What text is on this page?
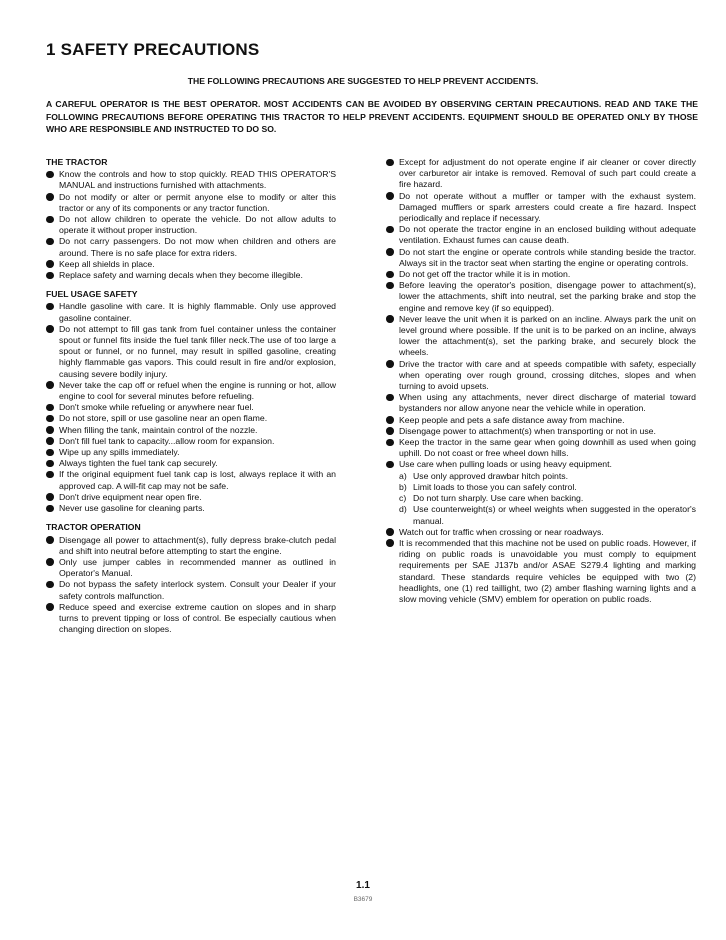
1 SAFETY PRECAUTIONS
THE FOLLOWING PRECAUTIONS ARE SUGGESTED TO HELP PREVENT ACCIDENTS.
A CAREFUL OPERATOR IS THE BEST OPERATOR. MOST ACCIDENTS CAN BE AVOIDED BY OBSERVING CERTAIN PRECAUTIONS. READ AND TAKE THE FOLLOWING PRECAUTIONS BEFORE OPERATING THIS TRACTOR TO HELP PREVENT ACCIDENTS. EQUIPMENT SHOULD BE OPERATED ONLY BY THOSE WHO ARE RESPONSIBLE AND INSTRUCTED TO DO SO.
THE TRACTOR
Know the controls and how to stop quickly. READ THIS OPERATOR'S MANUAL and instructions furnished with attachments.
Do not modify or alter or permit anyone else to modify or alter this tractor or any of its components or any tractor function.
Do not allow children to operate the vehicle. Do not allow adults to operate it without proper instruction.
Do not carry passengers. Do not mow when children and others are around. There is no safe place for extra riders.
Keep all shields in place.
Replace safety and warning decals when they become illegible.
FUEL USAGE SAFETY
Handle gasoline with care. It is highly flammable. Only use approved gasoline container.
Do not attempt to fill gas tank from fuel container unless the container spout or funnel fits inside the fuel tank filler neck.The use of too large a spout or funnel, or no funnel, may result in spilled gasoline, creating highly flammable gas vapors. This could result in fire and/or explosion, causing severe bodily injury.
Never take the cap off or refuel when the engine is running or hot, allow engine to cool for several minutes before refueling.
Don't smoke while refueling or anywhere near fuel.
Do not store, spill or use gasoline near an open flame.
When filling the tank, maintain control of the nozzle.
Don't fill fuel tank to capacity...allow room for expansion.
Wipe up any spills immediately.
Always tighten the fuel tank cap securely.
If the original equipment fuel tank cap is lost, always replace it with an approved cap. A will-fit cap may not be safe.
Don't drive equipment near open fire.
Never use gasoline for cleaning parts.
TRACTOR OPERATION
Disengage all power to attachment(s), fully depress brake-clutch pedal and shift into neutral before attempting to start the engine.
Only use jumper cables in recommended manner as outlined in Operator's Manual.
Do not bypass the safety interlock system. Consult your Dealer if your safety controls malfunction.
Reduce speed and exercise extreme caution on slopes and in sharp turns to prevent tipping or loss of control. Be especially cautious when changing direction on slopes.
Except for adjustment do not operate engine if air cleaner or cover directly over carburetor air intake is removed. Removal of such part could create a fire hazard.
Do not operate without a muffler or tamper with the exhaust system. Damaged mufflers or spark arresters could create a fire hazard. Inspect periodically and replace if necessary.
Do not operate the tractor engine in an enclosed building without adequate ventilation. Exhaust fumes can cause death.
Do not start the engine or operate controls while standing beside the tractor. Always sit in the tractor seat when starting the engine or operating controls.
Do not get off the tractor while it is in motion.
Before leaving the operator's position, disengage power to attachment(s), lower the attachments, shift into neutral, set the parking brake and stop the engine and remove key (if so equipped).
Never leave the unit when it is parked on an incline. Always park the unit on level ground where possible. If the unit is to be parked on an incline, always lower the attachment(s), set the parking brake, and securely block the wheels.
Drive the tractor with care and at speeds compatible with safety, especially when operating over rough ground, crossing ditches, slopes and when turning to avoid upsets.
When using any attachments, never direct discharge of material toward bystanders nor allow anyone near the vehicle while in operation.
Keep people and pets a safe distance away from machine.
Disengage power to attachment(s) when transporting or not in use.
Keep the tractor in the same gear when going downhill as used when going uphill. Do not coast or free wheel down hills.
Use care when pulling loads or using heavy equipment.
a) Use only approved drawbar hitch points.
b) Limit loads to those you can safely control.
c) Do not turn sharply. Use care when backing.
d) Use counterweight(s) or wheel weights when suggested in the operator's manual.
Watch out for traffic when crossing or near roadways.
It is recommended that this machine not be used on public roads. However, if riding on public roads is unavoidable you must comply to equipment requirements per SAE J137b and/or ASAE S279.4 lighting and marking standard. These standards require vehicles be equipped with two (2) headlights, one (1) red taillight, two (2) amber flashing warning lights and a slow moving vehicle (SMV) emblem for operation on public roads.
1.1
B3679
